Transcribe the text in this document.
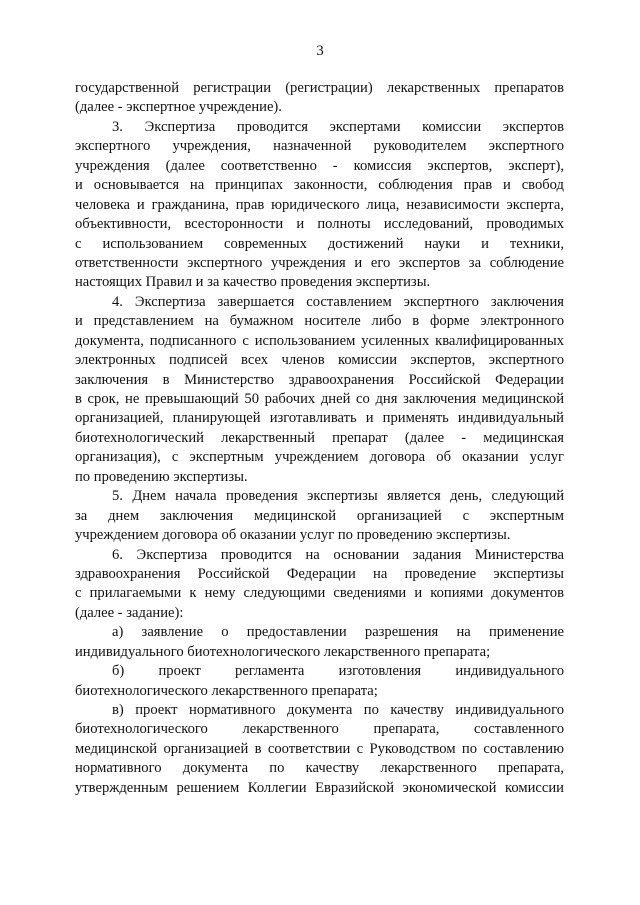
3
государственной регистрации (регистрации) лекарственных препаратов
(далее - экспертное учреждение).
3. Экспертиза проводится экспертами комиссии экспертов
экспертного учреждения, назначенной руководителем экспертного
учреждения (далее соответственно - комиссия экспертов, эксперт),
и основывается на принципах законности, соблюдения прав и свобод
человека и гражданина, прав юридического лица, независимости эксперта,
объективности, всесторонности и полноты исследований, проводимых
с использованием современных достижений науки и техники,
ответственности экспертного учреждения и его экспертов за соблюдение
настоящих Правил и за качество проведения экспертизы.
4. Экспертиза завершается составлением экспертного заключения
и представлением на бумажном носителе либо в форме электронного
документа, подписанного с использованием усиленных квалифицированных
электронных подписей всех членов комиссии экспертов, экспертного
заключения в Министерство здравоохранения Российской Федерации
в срок, не превышающий 50 рабочих дней со дня заключения медицинской
организацией, планирующей изготавливать и применять индивидуальный
биотехнологический лекарственный препарат (далее - медицинская
организация), с экспертным учреждением договора об оказании услуг
по проведению экспертизы.
5. Днем начала проведения экспертизы является день, следующий
за днем заключения медицинской организацией с экспертным
учреждением договора об оказании услуг по проведению экспертизы.
6. Экспертиза проводится на основании задания Министерства
здравоохранения Российской Федерации на проведение экспертизы
с прилагаемыми к нему следующими сведениями и копиями документов
(далее - задание):
а) заявление о предоставлении разрешения на применение
индивидуального биотехнологического лекарственного препарата;
б) проект регламента изготовления индивидуального
биотехнологического лекарственного препарата;
в) проект нормативного документа по качеству индивидуального
биотехнологического лекарственного препарата, составленного
медицинской организацией в соответствии с Руководством по составлению
нормативного документа по качеству лекарственного препарата,
утвержденным решением Коллегии Евразийской экономической комиссии
